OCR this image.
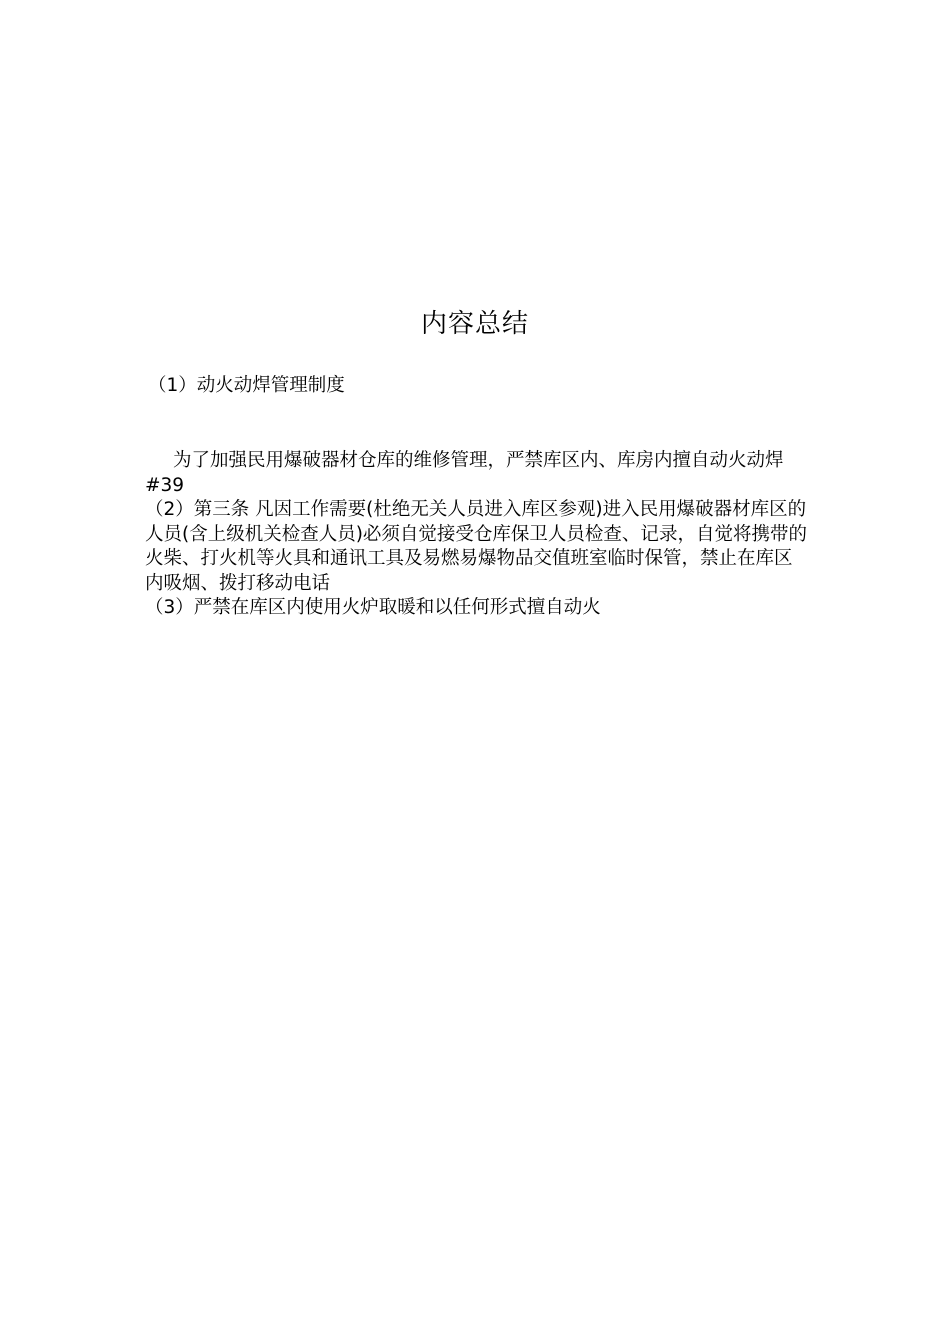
内容总结
（1）动火动焊管理制度

为了加强民用爆破器材仓库的维修管理，严禁库区内、库房内擅自动火动焊#39

（2）第三条 凡因工作需要(杜绝无关人员进入库区参观)进入民用爆破器材库区的人员(含上级机关检查人员)必须自觉接受仓库保卫人员检查、记录，自觉将携带的火柴、打火机等火具和通讯工具及易燃易爆物品交值班室临时保管，禁止在库区内吸烟、拨打移动电话

（3）严禁在库区内使用火炉取暖和以任何形式擅自动火
